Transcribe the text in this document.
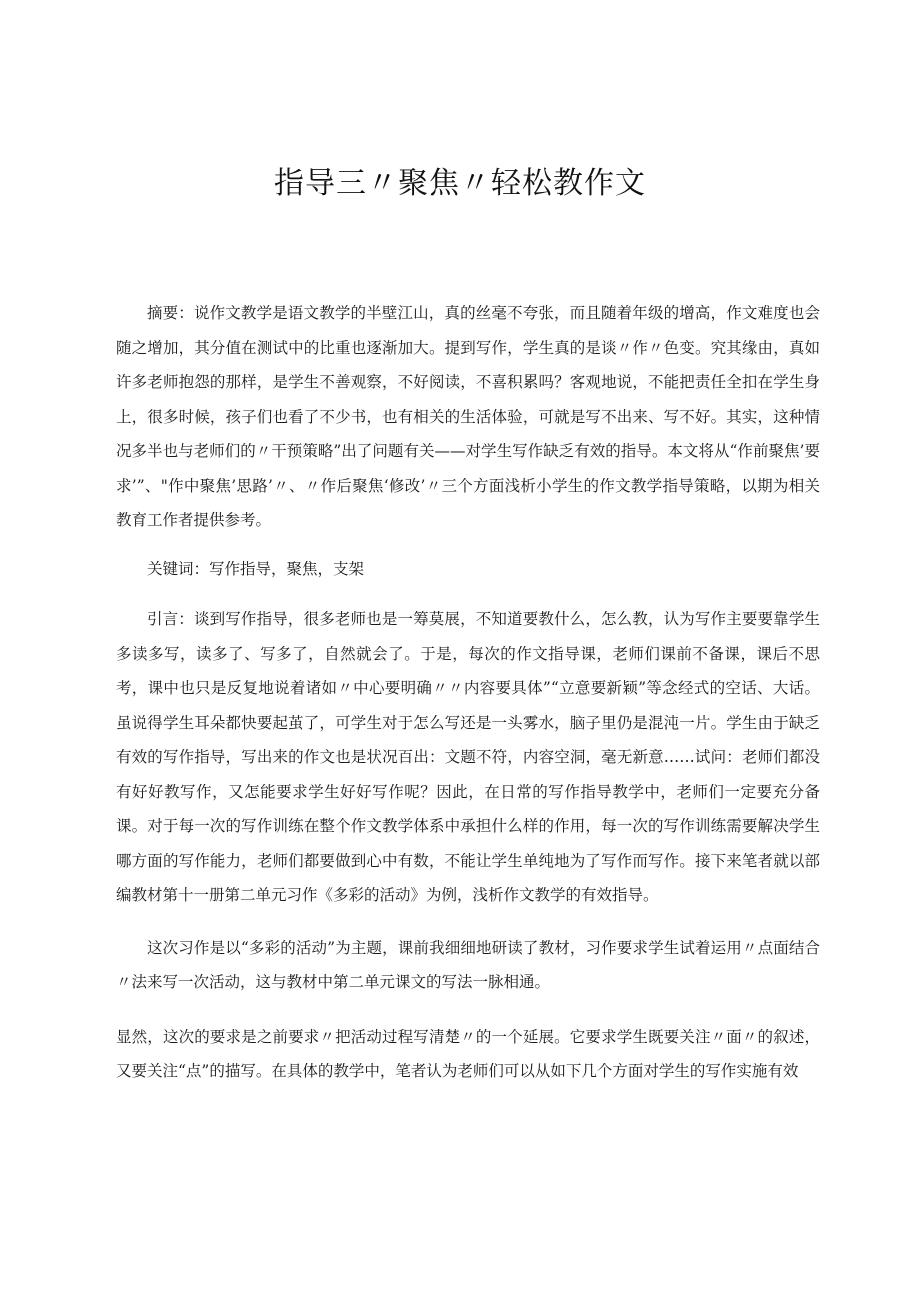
指导三〃聚焦〃轻松教作文

摘要：说作文教学是语文教学的半壁江山，真的丝毫不夸张，而且随着年级的增高，作文难度也会随之增加，其分值在测试中的比重也逐渐加大。提到写作，学生真的是谈〃作〃色变。究其缘由，真如许多老师抱怨的那样，是学生不善观察，不好阅读，不喜积累吗？客观地说，不能把责任全扣在学生身上，很多时候，孩子们也看了不少书，也有相关的生活体验，可就是写不出来、写不好。其实，这种情况多半也与老师们的〃干预策略”出了问题有关——对学生写作缺乏有效的指导。本文将从“作前聚焦’要求’”、"作中聚焦’思路’〃、〃作后聚焦‘修改’〃三个方面浅析小学生的作文教学指导策略，以期为相关教育工作者提供参考。

关键词：写作指导，聚焦，支架

引言：谈到写作指导，很多老师也是一筹莫展，不知道要教什么，怎么教，认为写作主要要靠学生多读多写，读多了、写多了，自然就会了。于是，每次的作文指导课，老师们课前不备课，课后不思考，课中也只是反复地说着诸如〃中心要明确〃〃内容要具体”“立意要新颖”等念经式的空话、大话。虽说得学生耳朵都快要起茧了，可学生对于怎么写还是一头雾水，脑子里仍是混沌一片。学生由于缺乏有效的写作指导，写出来的作文也是状况百出：文题不符，内容空洞，毫无新意……试问：老师们都没有好好教写作，又怎能要求学生好好写作呢？因此，在日常的写作指导教学中，老师们一定要充分备课。对于每一次的写作训练在整个作文教学体系中承担什么样的作用，每一次的写作训练需要解决学生哪方面的写作能力，老师们都要做到心中有数，不能让学生单纯地为了写作而写作。接下来笔者就以部编教材第十一册第二单元习作《多彩的活动》为例，浅析作文教学的有效指导。

这次习作是以“多彩的活动”为主题，课前我细细地研读了教材，习作要求学生试着运用〃点面结合〃法来写一次活动，这与教材中第二单元课文的写法一脉相通。

显然，这次的要求是之前要求〃把活动过程写清楚〃的一个延展。它要求学生既要关注〃面〃的叙述，又要关注“点”的描写。在具体的教学中，笔者认为老师们可以从如下几个方面对学生的写作实施有效
